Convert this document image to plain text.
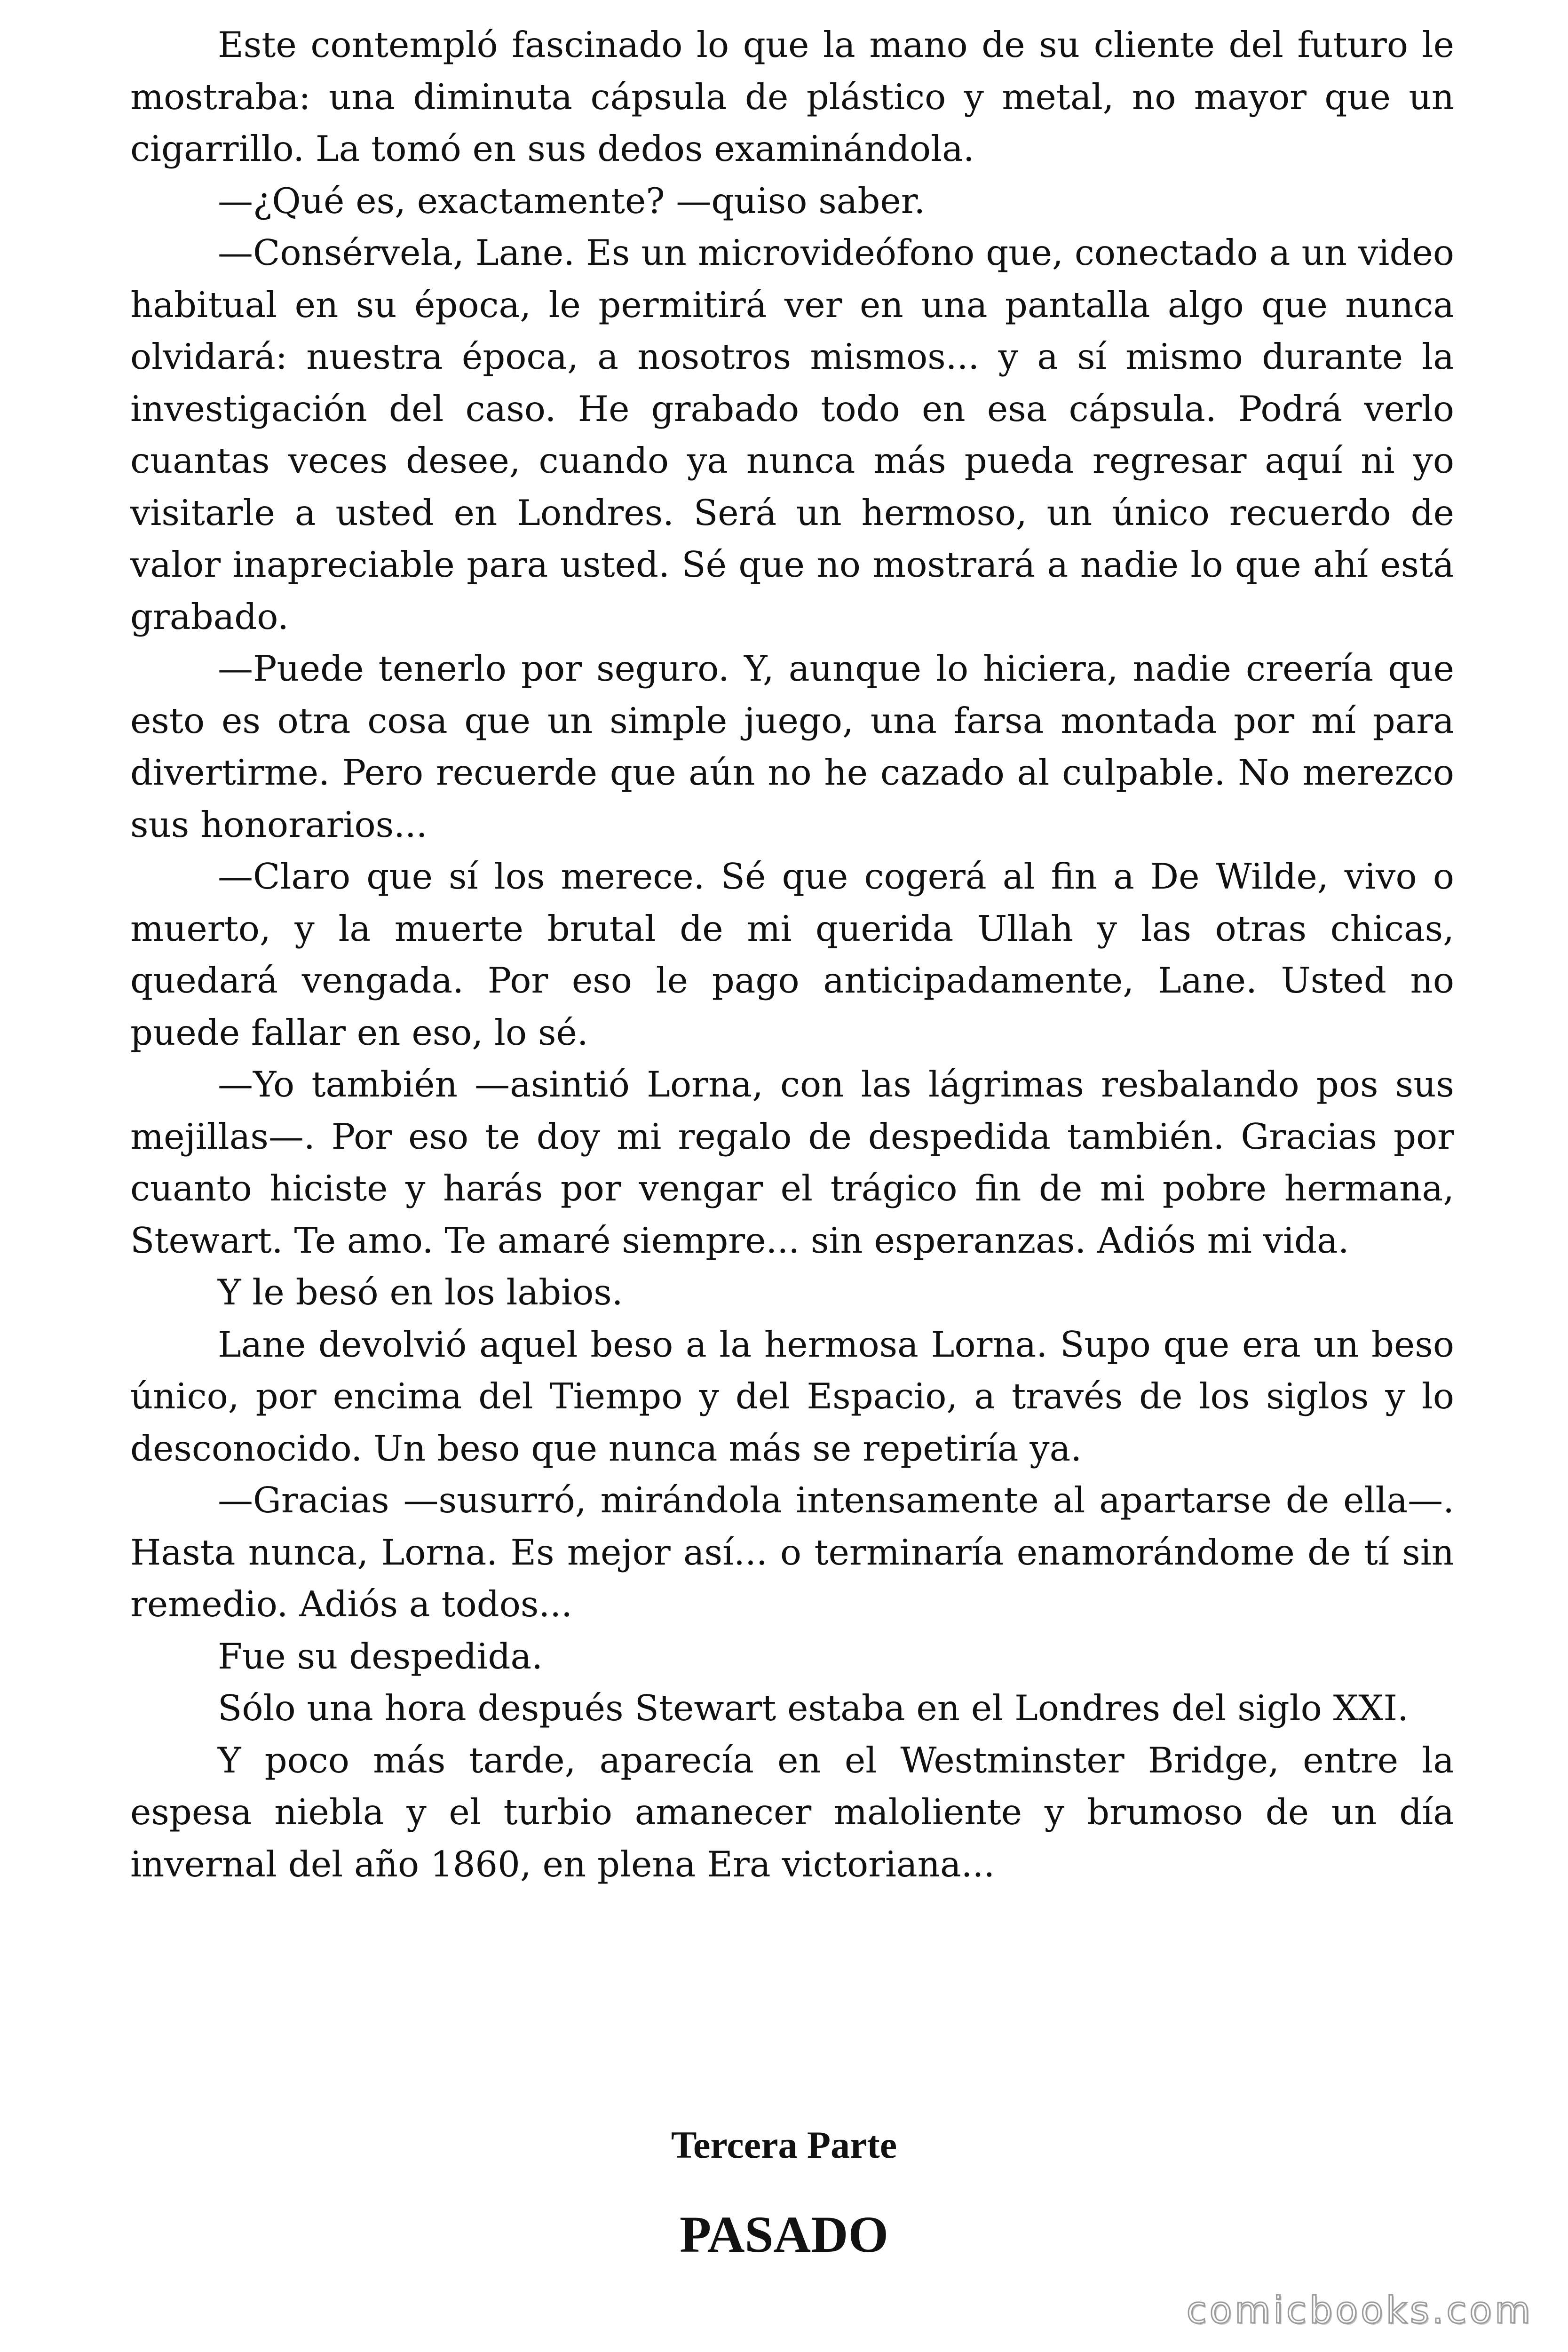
Este contempló fascinado lo que la mano de su cliente del futuro le mostraba: una diminuta cápsula de plástico y metal, no mayor que un cigarrillo. La tomó en sus dedos examinándola.

—¿Qué es, exactamente? —quiso saber.

—Consérvela, Lane. Es un microvideófono que, conectado a un video habitual en su época, le permitirá ver en una pantalla algo que nunca olvidará: nuestra época, a nosotros mismos... y a sí mismo durante la investigación del caso. He grabado todo en esa cápsula. Podrá verlo cuantas veces desee, cuando ya nunca más pueda regresar aquí ni yo visitarle a usted en Londres. Será un hermoso, un único recuerdo de valor inapreciable para usted. Sé que no mostrará a nadie lo que ahí está grabado.

—Puede tenerlo por seguro. Y, aunque lo hiciera, nadie creería que esto es otra cosa que un simple juego, una farsa montada por mí para divertirme. Pero recuerde que aún no he cazado al culpable. No merezco sus honorarios...

—Claro que sí los merece. Sé que cogerá al fin a De Wilde, vivo o muerto, y la muerte brutal de mi querida Ullah y las otras chicas, quedará vengada. Por eso le pago anticipadamente, Lane. Usted no puede fallar en eso, lo sé.

—Yo también —asintió Lorna, con las lágrimas resbalando pos sus mejillas—. Por eso te doy mi regalo de despedida también. Gracias por cuanto hiciste y harás por vengar el trágico fin de mi pobre hermana, Stewart. Te amo. Te amaré siempre... sin esperanzas. Adiós mi vida.

Y le besó en los labios.

Lane devolvió aquel beso a la hermosa Lorna. Supo que era un beso único, por encima del Tiempo y del Espacio, a través de los siglos y lo desconocido. Un beso que nunca más se repetiría ya.

—Gracias —susurró, mirándola intensamente al apartarse de ella—. Hasta nunca, Lorna. Es mejor así... o terminaría enamorándome de tí sin remedio. Adiós a todos...

Fue su despedida.

Sólo una hora después Stewart estaba en el Londres del siglo XXI.

Y poco más tarde, aparecía en el Westminster Bridge, entre la espesa niebla y el turbio amanecer maloliente y brumoso de un día invernal del año 1860, en plena Era victoriana...

Tercera Parte
PASADO
comicbooks.com
